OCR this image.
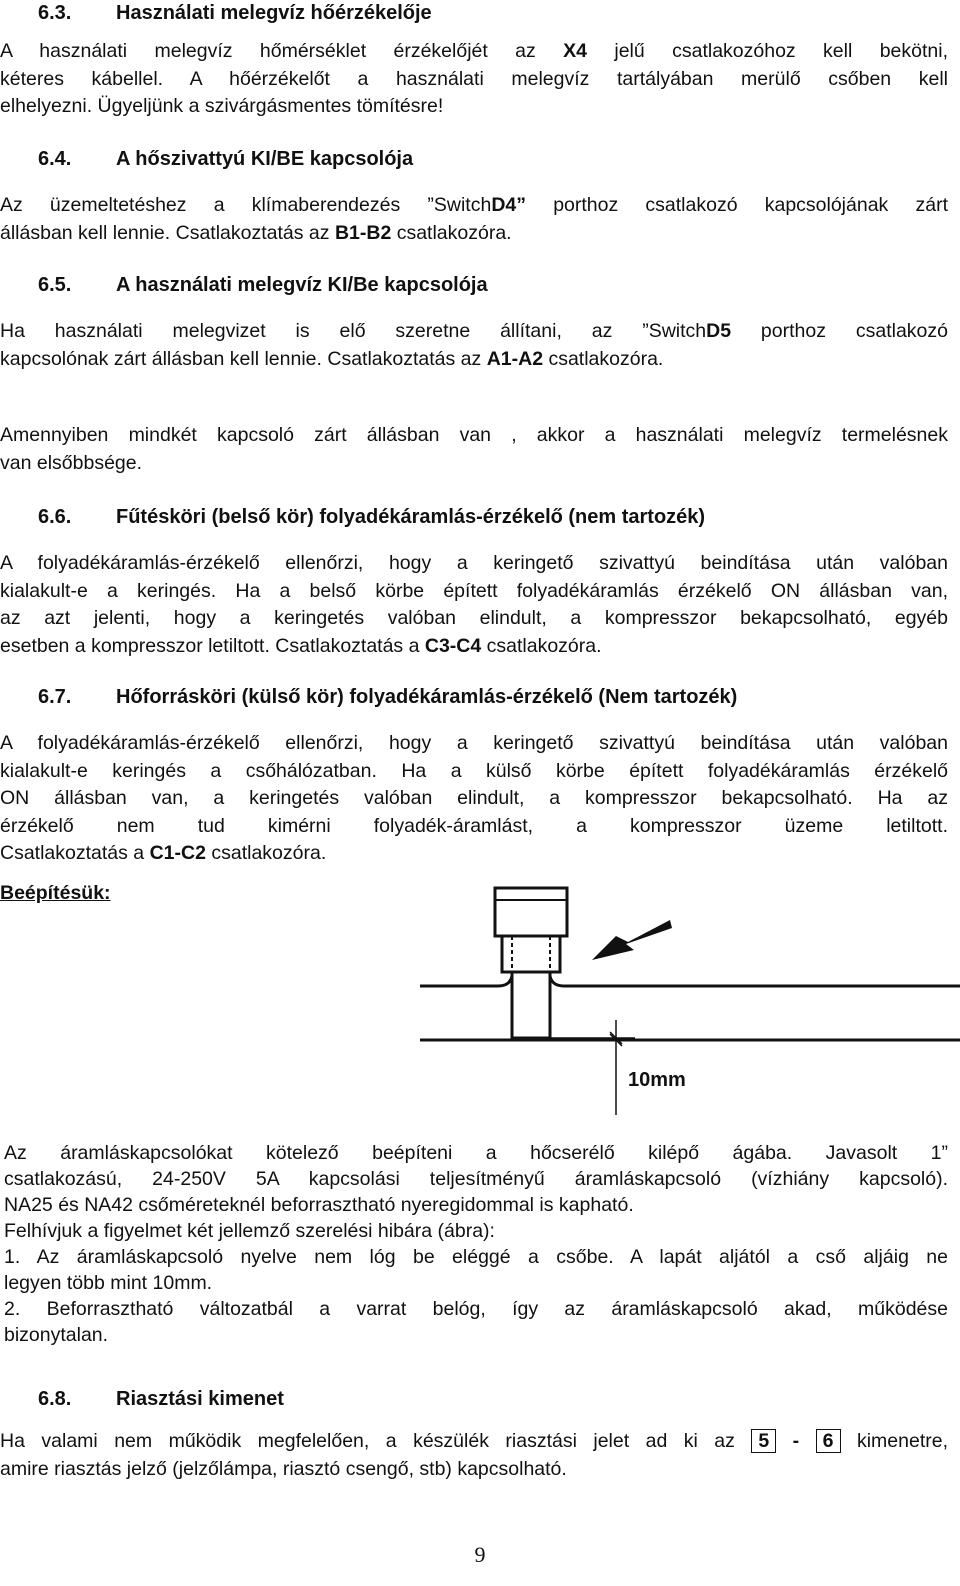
6.3. Használati melegvíz hőérzékelője
A használati melegvíz hőmérséklet érzékelőjét az X4 jelű csatlakozóhoz kell bekötni,
kéteres kábellel. A hőérzékelőt a használati melegvíz tartályában merülő csőben kell
elhelyezni. Ügyeljünk a szivárgásmentes tömítésre!
6.4. A hőszivattyú KI/BE kapcsolója
Az üzemeltetéshez a klímaberendezés ”SwitchD4” porthoz csatlakozó kapcsolójának zárt
állásban kell lennie. Csatlakoztatás az B1-B2 csatlakozóra.
6.5. A használati melegvíz KI/Be kapcsolója
Ha használati melegvizet is elő szeretne állítani, az ”SwitchD5 porthoz csatlakozó
kapcsolónak zárt állásban kell lennie. Csatlakoztatás az A1-A2 csatlakozóra.
Amennyiben mindkét kapcsoló zárt állásban van , akkor a használati melegvíz termelésnek
van elsőbbsége.
6.6. Fűtésköri (belső kör) folyadékáramlás-érzékelő (nem tartozék)
A folyadékáramlás-érzékelő ellenőrzi, hogy a keringető szivattyú beindítása után valóban
kialakult-e a keringés. Ha a belső körbe épített folyadékáramlás érzékelő ON állásban van,
az azt jelenti, hogy a keringetés valóban elindult, a kompresszor bekapcsolható, egyéb
esetben a kompresszor letiltott. Csatlakoztatás a C3-C4 csatlakozóra.
6.7. Hőforrásköri (külső kör) folyadékáramlás-érzékelő (Nem tartozék)
A folyadékáramlás-érzékelő ellenőrzi, hogy a keringető szivattyú beindítása után valóban
kialakult-e keringés a csőhálózatban. Ha a külső körbe épített folyadékáramlás érzékelő
ON állásban van, a keringetés valóban elindult, a kompresszor bekapcsolható. Ha az
érzékelő nem tud kimérni folyadék-áramlást, a kompresszor üzeme letiltott.
Csatlakoztatás a C1-C2 csatlakozóra.
Beépítésük:
10mm
Az áramláskapcsolókat kötelező beépíteni a hőcserélő kilépő ágába. Javasolt 1”
csatlakozású, 24-250V 5A kapcsolási teljesítményű áramláskapcsoló (vízhiány kapcsoló).
NA25 és NA42 csőméreteknél beforrasztható nyeregidommal is kapható.
Felhívjuk a figyelmet két jellemző szerelési hibára (ábra):
1. Az áramláskapcsoló nyelve nem lóg be eléggé a csőbe. A lapát aljától a cső aljáig ne
legyen több mint 10mm.
2. Beforrasztható változatbál a varrat belóg, így az áramláskapcsoló akad, működése
bizonytalan.
6.8. Riasztási kimenet
Ha valami nem működik megfelelően, a készülék riasztási jelet ad ki az 5 - 6 kimenetre,
amire riasztás jelző (jelzőlámpa, riasztó csengő, stb) kapcsolható.
9
